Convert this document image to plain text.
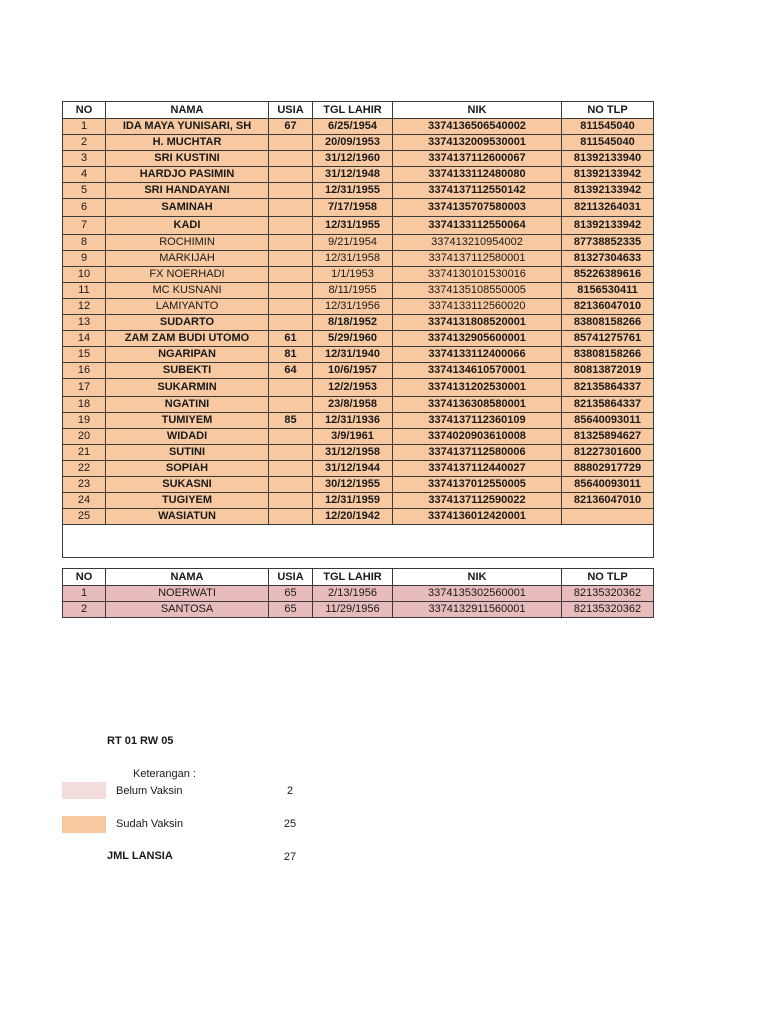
NO	NAMA	USIA	TGL LAHIR	NIK	NO TLP
1	IDA MAYA YUNISARI, SH	67	6/25/1954	3374136506540002	811545040
2	H. MUCHTAR		20/09/1953	3374132009530001	811545040
3	SRI KUSTINI		31/12/1960	3374137112600067	81392133940
4	HARDJO PASIMIN		31/12/1948	3374133112480080	81392133942
5	SRI HANDAYANI		12/31/1955	3374137112550142	81392133942
6	SAMINAH		7/17/1958	3374135707580003	82113264031
7	KADI		12/31/1955	3374133112550064	81392133942
8	ROCHIMIN		9/21/1954	337413210954002	87738852335
9	MARKIJAH		12/31/1958	3374137112580001	81327304633
10	FX NOERHADI		1/1/1953	3374130101530016	85226389616
11	MC KUSNANI		8/11/1955	3374135108550005	8156530411
12	LAMIYANTO		12/31/1956	3374133112560020	82136047010
13	SUDARTO		8/18/1952	3374131808520001	83808158266
14	ZAM ZAM BUDI UTOMO	61	5/29/1960	3374132905600001	85741275761
15	NGARIPAN	81	12/31/1940	3374133112400066	83808158266
16	SUBEKTI	64	10/6/1957	3374134610570001	80813872019
17	SUKARMIN		12/2/1953	3374131202530001	82135864337
18	NGATINI		23/8/1958	3374136308580001	82135864337
19	TUMIYEM	85	12/31/1936	3374137112360109	85640093011
20	WIDADI		3/9/1961	3374020903610008	81325894627
21	SUTINI		31/12/1958	3374137112580006	81227301600
22	SOPIAH		31/12/1944	3374137112440027	88802917729
23	SUKASNI		30/12/1955	3374137012550005	85640093011
24	TUGIYEM		12/31/1959	3374137112590022	82136047010
25	WASIATUN		12/20/1942	3374136012420001	

NO	NAMA	USIA	TGL LAHIR	NIK	NO TLP
1	NOERWATI	65	2/13/1956	3374135302560001	82135320362
2	SANTOSA	65	11/29/1956	3374132911560001	82135320362
RT 01 RW 05
Keterangan :
Belum Vaksin	2
Sudah Vaksin	25
JML LANSIA	27
